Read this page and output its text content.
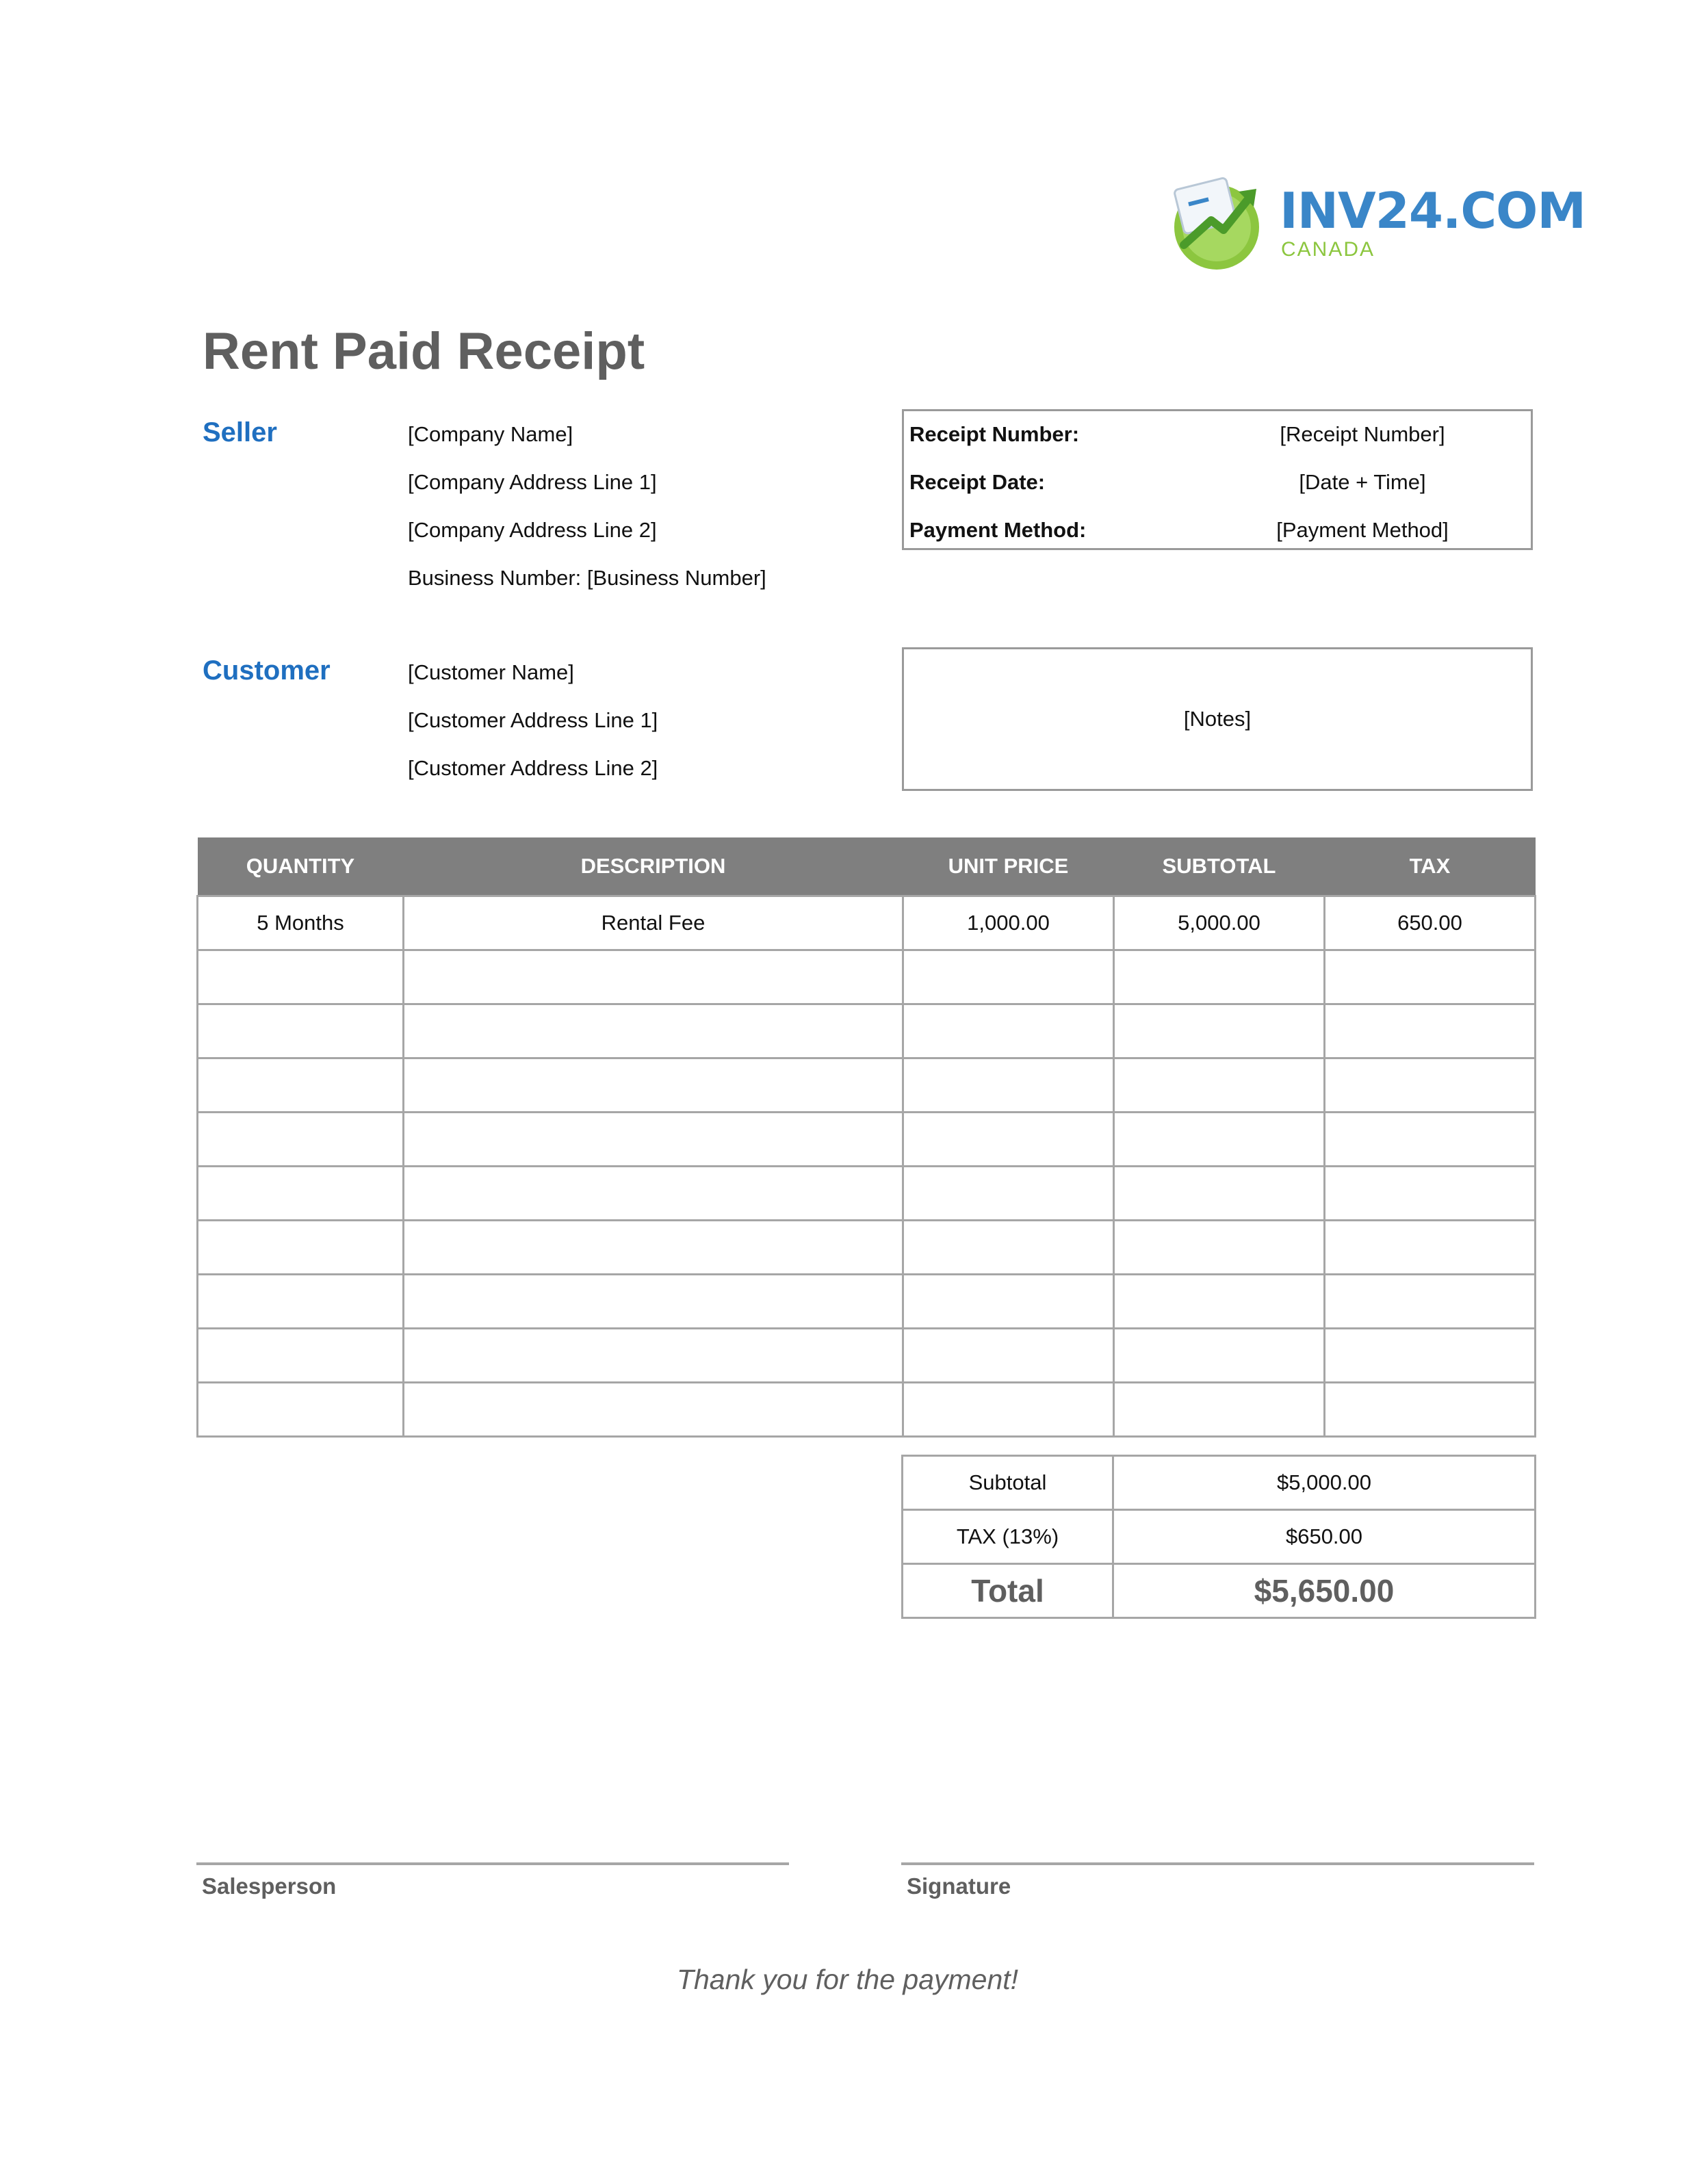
INV24.COM
CANADA
Rent Paid Receipt
Seller	[Company Name]
[Company Address Line 1]
[Company Address Line 2]
Business Number: [Business Number]
Receipt Number:	[Receipt Number]
Receipt Date:	[Date + Time]
Payment Method:	[Payment Method]
Customer	[Customer Name]
[Customer Address Line 1]
[Customer Address Line 2]
[Notes]
QUANTITY	DESCRIPTION	UNIT PRICE	SUBTOTAL	TAX
5 Months	Rental Fee	1,000.00	5,000.00	650.00

Subtotal	$5,000.00
TAX (13%)	$650.00
Total	$5,650.00
Salesperson	Signature
Thank you for the payment!
